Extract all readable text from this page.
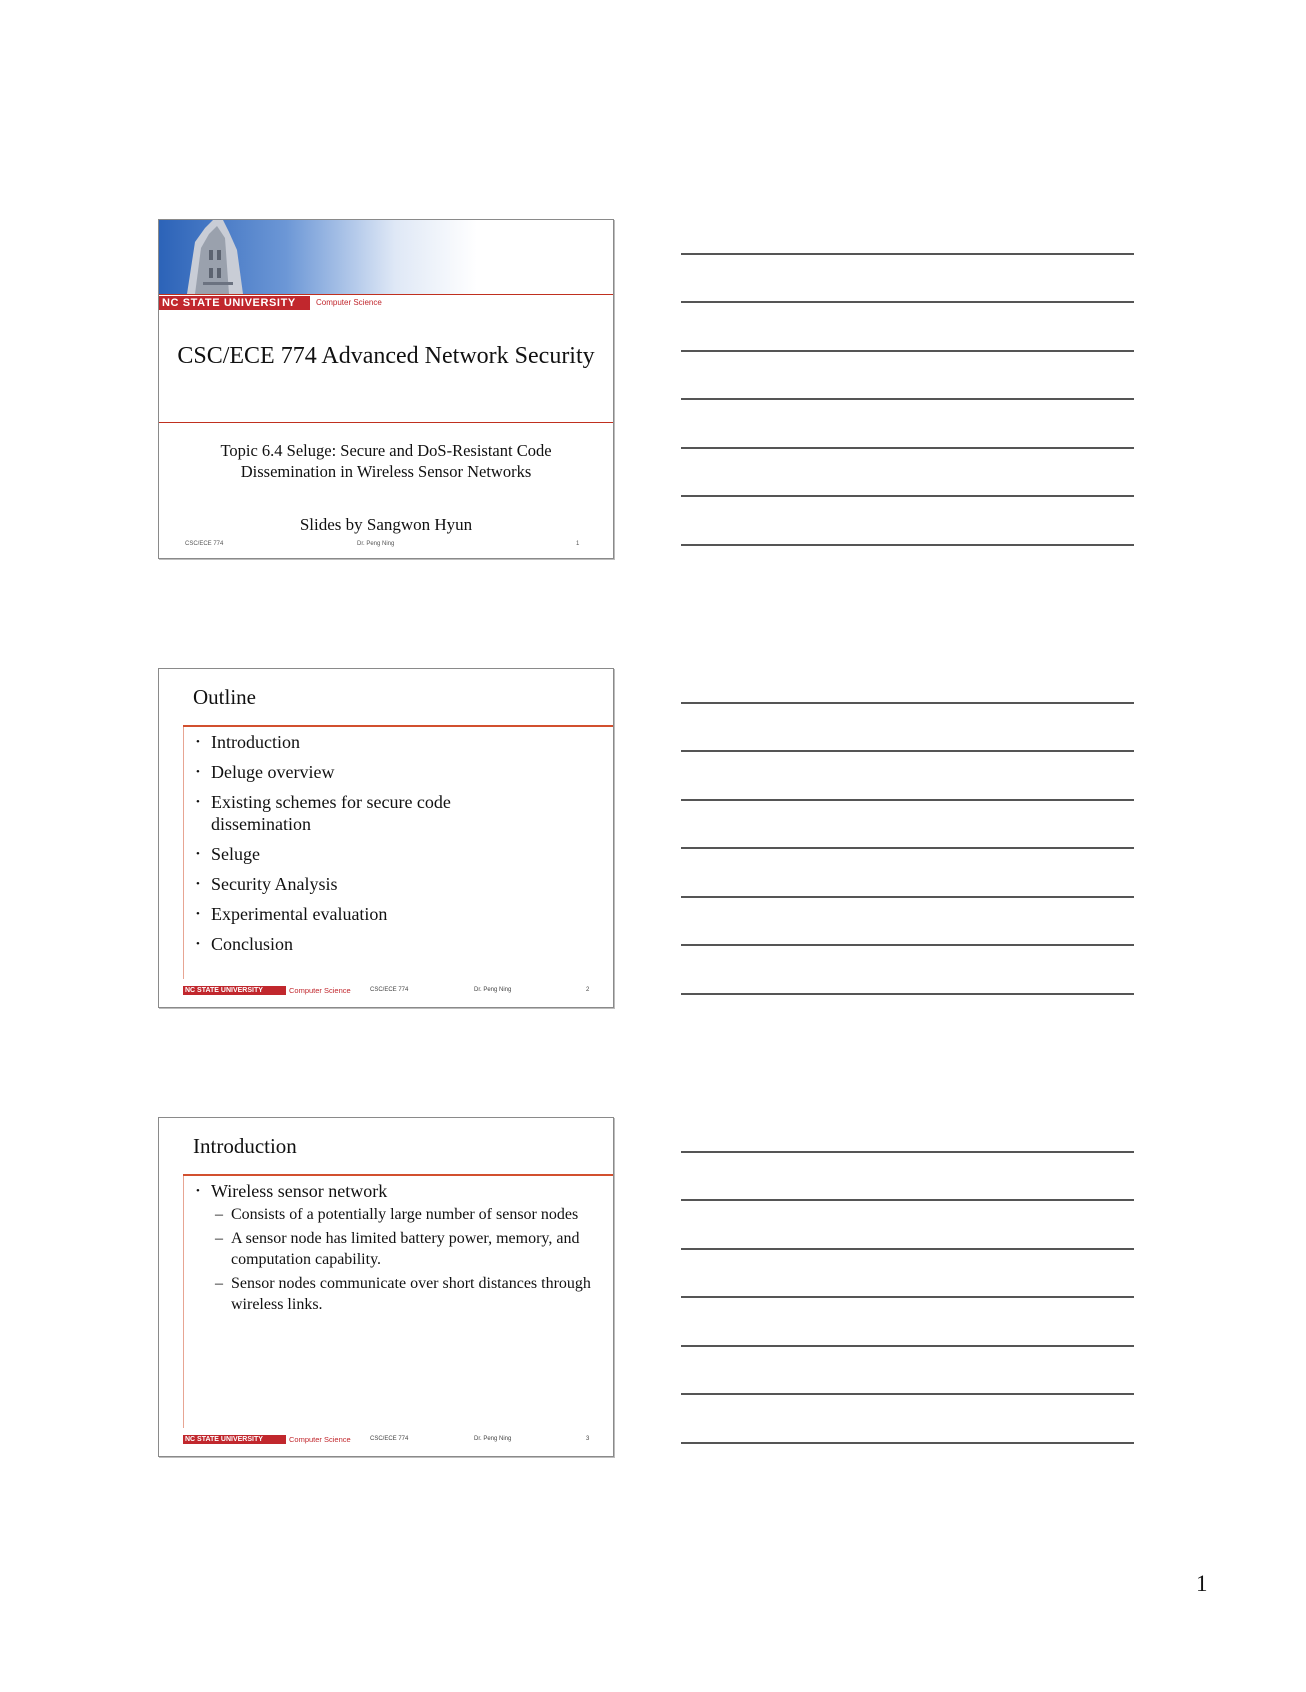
NC STATE UNIVERSITY	Computer Science
CSC/ECE 774 Advanced Network Security
Topic 6.4 Seluge: Secure and DoS-Resistant Code Dissemination in Wireless Sensor Networks
Slides by Sangwon Hyun
CSC/ECE 774	Dr. Peng Ning	1
Outline
• Introduction
• Deluge overview
• Existing schemes for secure code dissemination
• Seluge
• Security Analysis
• Experimental evaluation
• Conclusion
NC STATE UNIVERSITY	Computer Science	CSC/ECE 774	Dr. Peng Ning	2
Introduction
• Wireless sensor network
– Consists of a potentially large number of sensor nodes
– A sensor node has limited battery power, memory, and computation capability.
– Sensor nodes communicate over short distances through wireless links.
NC STATE UNIVERSITY	Computer Science	CSC/ECE 774	Dr. Peng Ning	3
1
